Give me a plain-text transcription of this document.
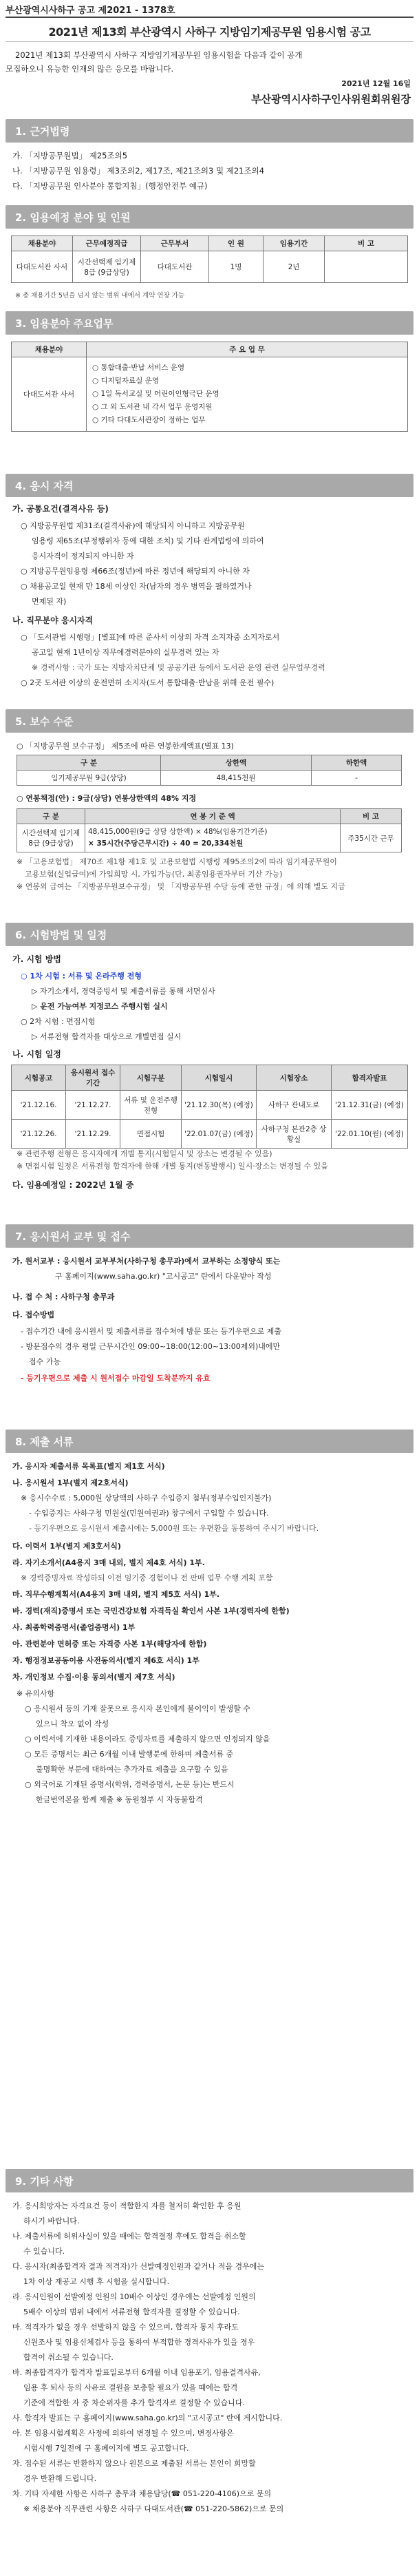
부산광역시사하구 공고 제2021 - 1378호
2021년 제13회 부산광역시 사하구 지방임기제공무원 임용시험 공고
2021년 제13회 부산광역시 사하구 지방임기제공무원 임용시험을 다음과 같이 공개
모집하오니 유능한 인재의 많은 응모를 바랍니다.
2021년 12월 16일
부산광역시사하구인사위원회위원장
1. 근거법령
가. 「지방공무원법」 제25조의5
나. 「지방공무원 임용령」 제3조의2, 제17조, 제21조의3 및 제21조의4
다. 「지방공무원 인사분야 통합지침」(행정안전부 예규)
2. 임용예정 분야 및 인원
채용분야	근무예정직급	근무부서	인 원	임용기간	비 고
다대도서관 사서	시간선택제 임기제8급 (9급상당)	다대도서관	1명	2년	
※ 총 채용기간 5년을 넘지 않는 범위 내에서 계약 연장 가능
3. 임용분야 주요업무
채용분야	주 요 업 무
다대도서관 사서	○ 통합대출·반납 서비스 운영
○ 디지털자료실 운영
○ 1일 독서교실 및 어린이인형극단 운영
○ 그 외 도서관 내 각서 업무 운영지원
○ 기타 다대도서관장이 정하는 업무
4. 응시 자격
가. 공통요건(결격사유 등)
○ 지방공무원법 제31조(결격사유)에 해당되지 아니하고 지방공무원
임용령 제65조(부정행위자 등에 대한 조치) 및 기타 관계법령에 의하여
응시자격이 정지되지 아니한 자
○ 지방공무원임용령 제66조(정년)에 따른 정년에 해당되지 아니한 자
○ 채용공고일 현재 만 18세 이상인 자(남자의 경우 병역을 필하였거나
면제된 자)
나. 직무분야 응시자격
○ 「도서관법 시행령」[별표]에 따른 준사서 이상의 자격 소지자중 소지자로서
공고일 현재 1년이상 직무에경력분야의 실무경력 있는 자
※ 경력사항 : 국가 또는 지방자치단체 및 공공기관 등에서 도서관 운영 관련 실무업무경력
○ 2곳 도서관 이상의 운전면허 소지자(도서 통합대출·반납을 위해 운전 필수)
5. 보수 수준
○ 「지방공무원 보수규정」 제5조에 따른 연봉한계액표(별표 13)
구 분	상한액	하한액
임기제공무원 9급(상당)	48,415천원	-
○ 연봉책정(안) : 9급(상당) 연봉상한액의 48% 지정
구 분	연 봉 기 준 액	비 고
시간선택제 임기제8급 (9급상당)	48,415,000원(9급 상당 상한액) × 48%(임용기간기준)
× 35시간(주당근무시간) ÷ 40 = 20,334천원	주35시간 근무
※ 「고용보험법」 제70조 제1항 제1호 및 고용보험법 시행령 제95조의2에 따라 임기제공무원이
고용보험(실업급여)에 가입희망 시, 가입가능(단, 최종임용권자부터 기산 가능)
※ 연봉외 급여는 「지방공무원보수규정」 및 「지방공무원 수당 등에 관한 규정」에 의해 별도 지급
6. 시험방법 및 일정
가. 시험 방법
○ 1차 시험 : 서류 및 온라주행 전형
▷ 자기소개서, 경력증빙서 및 제출서류를 통해 서면심사
▷ 운전 가능여부 지정코스 주행시험 실시
○ 2차 시험 : 면접시험
▷ 서류전형 합격자를 대상으로 개별면접 실시
나. 시험 일정
시험공고	응시원서 접수기간	시험구분	시험일시	시험장소	합격자발표
'21.12.16.	'21.12.27.	서류 및 운전주행 전형	'21.12.30(목) (예정)	사하구 관내도로	'21.12.31(금) (예정)
'21.12.26.	'21.12.29.	면접시험	'22.01.07(금) (예정)	사하구청 본관2층 상황실	'22.01.10(월) (예정)
※ 관련주행 전형은 응시자에게 개별 통지(시험일시 및 장소는 변경될 수 있음)
※ 면접시험 일정은 서류전형 합격자에 한해 개별 통지(변동발행시) 일시·장소는 변경될 수 있음
다. 임용예정일 : 2022년 1월 중
7. 응시원서 교부 및 접수
가. 원서교부 : 응시원서 교부부처(사하구청 총무과)에서 교부하는 소정양식 또는
구 홈페이지(www.saha.go.kr) "고시공고" 란에서 다운받아 작성
나. 접 수 처 : 사하구청 총무과
다. 접수방법
- 접수기간 내에 응시원서 및 제출서류를 접수처에 방문 또는 등기우편으로 제출
- 방문접수의 경우 평일 근무시간인 09:00~18:00(12:00~13:00제외)내에만
접수 가능
- 등기우편으로 제출 시 원서접수 마감일 도착분까지 유효
8. 제출 서류
가. 응시자 제출서류 목록표(별지 제1호 서식)
나. 응시원서 1부(별지 제2호서식)
※ 응시수수료 : 5,000원 상당액의 사하구 수입증지 첨부(정부수입인지불가)
- 수입증지는 사하구청 민원실(민원여권과) 창구에서 구입할 수 있습니다.
- 등기우편으로 응시원서 제출시에는 5,000원 또는 우편환을 동봉하여 주시기 바랍니다.
다. 이력서 1부(별지 제3호서식)
라. 자기소개서(A4용지 3매 내외, 별지 제4호 서식) 1부.
※ 경력증빙자료 작성하되 이전 임기중 경험이나 전 판매 업무 수행 계획 포함
마. 직무수행계획서(A4용지 3매 내외, 별지 제5호 서식) 1부.
바. 경력(재직)증명서 또는 국민건강보험 자격득실 확인서 사본 1부(경력자에 한함)
사. 최종학력증명서(졸업증명서) 1부
아. 관련분야 면허증 또는 자격증 사본 1부(해당자에 한함)
자. 행정정보공동이용 사전동의서(별지 제6호 서식) 1부
차. 개인정보 수집·이용 동의서(별지 제7호 서식)
※ 유의사항
○ 응시원서 등의 기재 잘못으로 응시자 본인에게 불이익이 발생할 수
있으니 착오 없이 작성
○ 이력서에 기재한 내용이라도 증빙자료를 제출하지 않으면 인정되지 않음
○ 모든 증명서는 최근 6개월 이내 발행분에 한하며 제출서류 중
불명확한 부분에 대하여는 추가자료 제출을 요구할 수 있음
○ 외국어로 기재된 증명서(학위, 경력증명서, 논문 등)는 반드시
한글번역본을 함께 제출 ※ 동원첨부 시 자동불합격
9. 기타 사항
가. 응시희망자는 자격요건 등이 적합한지 자를 철저히 확인한 후 응원
하시기 바랍니다.
나. 제출서류에 허위사실이 있을 때에는 합격결정 후에도 합격을 취소할
수 있습니다.
다. 응시자(최종합격자 결과 적격자)가 선발예정인원과 같거나 적을 경우에는
1차 이상 재공고 시행 후 시험을 실시합니다.
라. 응시인원이 선발예정 인원의 10배수 이상인 경우에는 선발예정 인원의
5배수 이상의 범위 내에서 서류전형 합격자를 결정할 수 있습니다.
마. 적격자가 없을 경우 선발하지 않을 수 있으며, 합격자 통지 후라도
신원조사 및 임용신체검사 등을 통하여 부적합한 경격사유가 있을 경우
합격이 취소될 수 있습니다.
바. 최종합격자가 합격자 발표일로부터 6개월 이내 임용포기, 임용결격사유,
임용 후 퇴사 등의 사유로 결원을 보충할 필요가 있을 때에는 합격
기준에 적합한 자 중 차순위자를 추가 합격자로 결정할 수 있습니다.
사. 합격자 발표는 구 홈페이지(www.saha.go.kr)의 "고시공고" 란에 게시합니다.
아. 본 임용시험계획은 사정에 의하여 변경될 수 있으며, 변경사항은
시험시행 7일전에 구 홈페이지에 별도 공고합니다.
자. 접수된 서류는 반환하지 않으나 원본으로 제출된 서류는 본인이 희망할
경우 반환해 드립니다.
차. 기타 자세한 사항은 사하구 총무과 채용담당(☎ 051-220-4106)으로 문의
※ 채용분야 직무관련 사항은 사하구 다대도서관(☎ 051-220-5862)으로 문의
